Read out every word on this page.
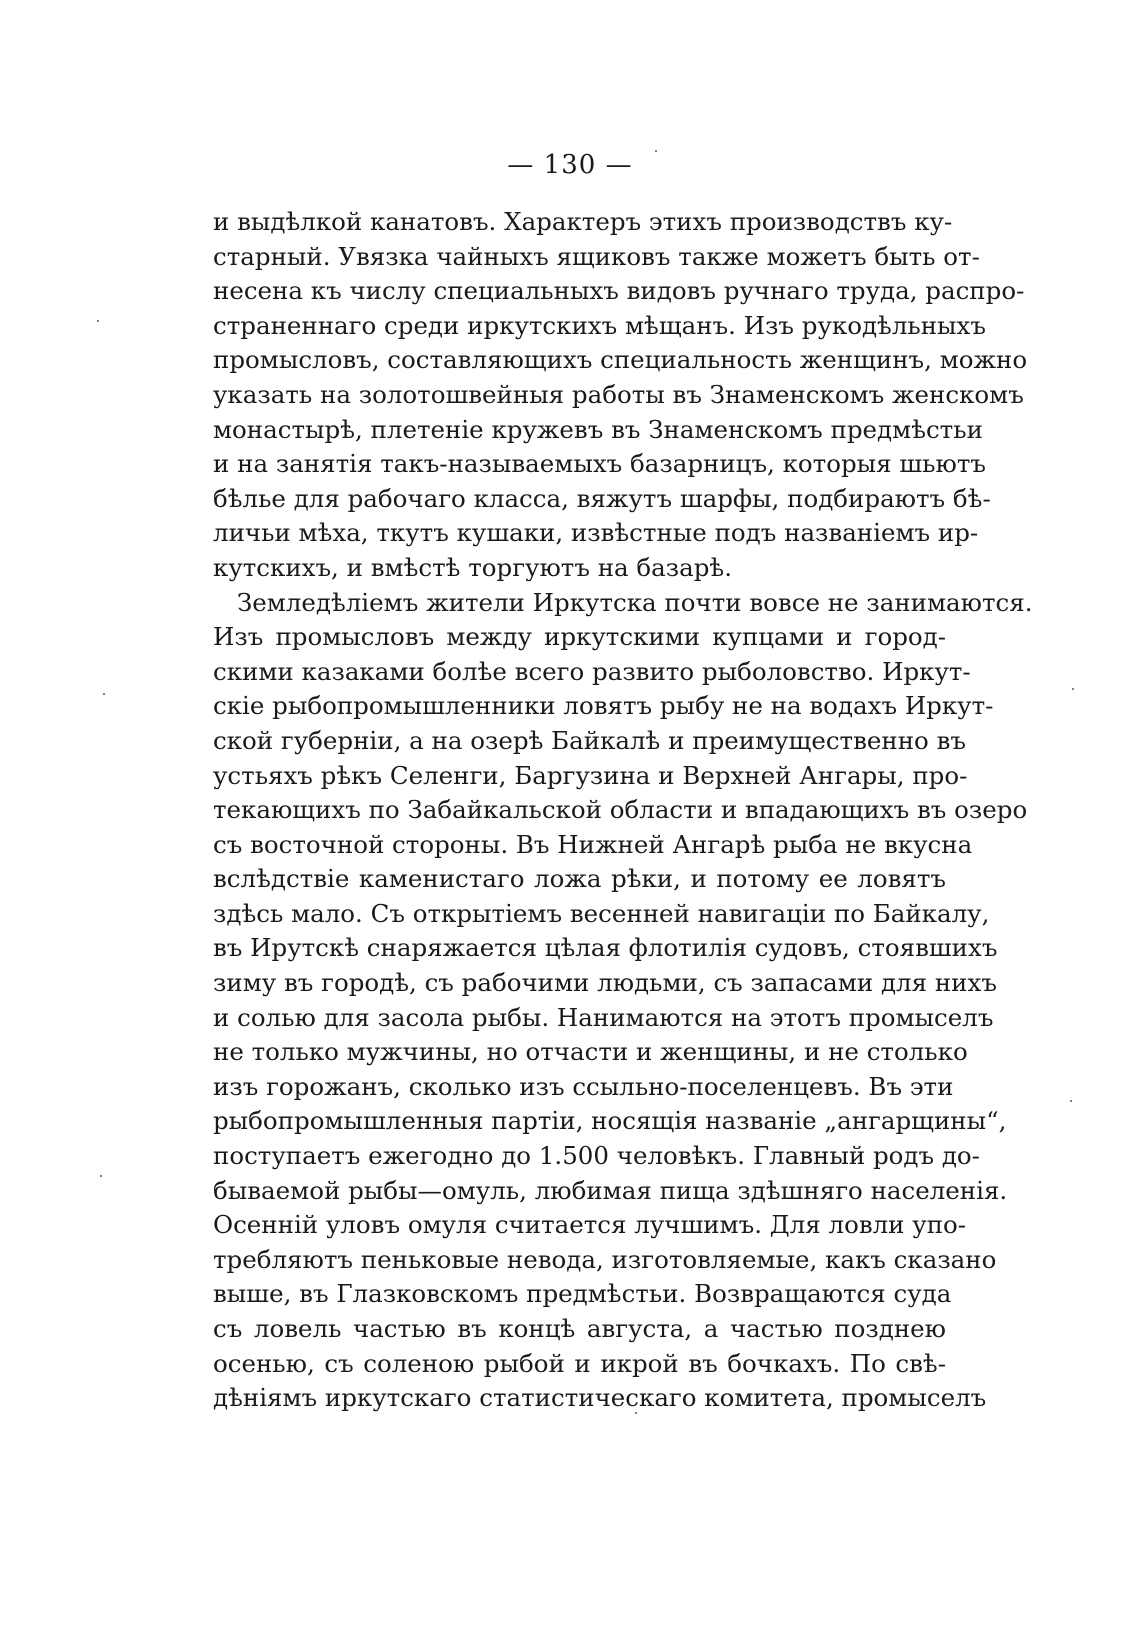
— 130 —
и выдѣлкой канатовъ. Характеръ этихъ производствъ ку-
старный. Увязка чайныхъ ящиковъ также можетъ быть от-
несена къ числу специальныхъ видовъ ручнаго труда, распро-
страненнаго среди иркутскихъ мѣщанъ. Изъ рукодѣльныхъ
промысловъ, составляющихъ специальность женщинъ, можно
указать на золотошвейныя работы въ Знаменскомъ женскомъ
монастырѣ, плетеніе кружевъ въ Знаменскомъ предмѣстьи
и на занятія такъ-называемыхъ базарницъ, которыя шьютъ
бѣлье для рабочаго класса, вяжутъ шарфы, подбираютъ бѣ-
личьи мѣха, ткутъ кушаки, извѣстные подъ названіемъ ир-
кутскихъ, и вмѣстѣ торгуютъ на базарѣ.
Земледѣліемъ жители Иркутска почти вовсе не занимаются.
Изъ промысловъ между иркутскими купцами и город-
скими казаками болѣе всего развито рыболовство. Иркут-
скіе рыбопромышленники ловятъ рыбу не на водахъ Иркут-
ской губерніи, а на озерѣ Байкалѣ и преимущественно въ
устьяхъ рѣкъ Селенги, Баргузина и Верхней Ангары, про-
текающихъ по Забайкальской области и впадающихъ въ озеро
съ восточной стороны. Въ Нижней Ангарѣ рыба не вкусна
вслѣдствіе каменистаго ложа рѣки, и потому ее ловятъ
здѣсь мало. Съ открытіемъ весенней навигаціи по Байкалу,
въ Ирутскѣ снаряжается цѣлая флотилія судовъ, стоявшихъ
зиму въ городѣ, съ рабочими людьми, съ запасами для нихъ
и солью для засола рыбы. Нанимаются на этотъ промыселъ
не только мужчины, но отчасти и женщины, и не столько
изъ горожанъ, сколько изъ ссыльно-поселенцевъ. Въ эти
рыбопромышленныя партіи, носящія названіе „ангарщины“,
поступаетъ ежегодно до 1.500 человѣкъ. Главный родъ до-
бываемой рыбы—омуль, любимая пища здѣшняго населенія.
Осенній уловъ омуля считается лучшимъ. Для ловли упо-
требляютъ пеньковые невода, изготовляемые, какъ сказано
выше, въ Глазковскомъ предмѣстьи. Возвращаются суда
съ ловель частью въ концѣ августа, а частью позднею
осенью, съ соленою рыбой и икрой въ бочкахъ. По свѣ-
дѣніямъ иркутскаго статистическаго комитета, промыселъ
